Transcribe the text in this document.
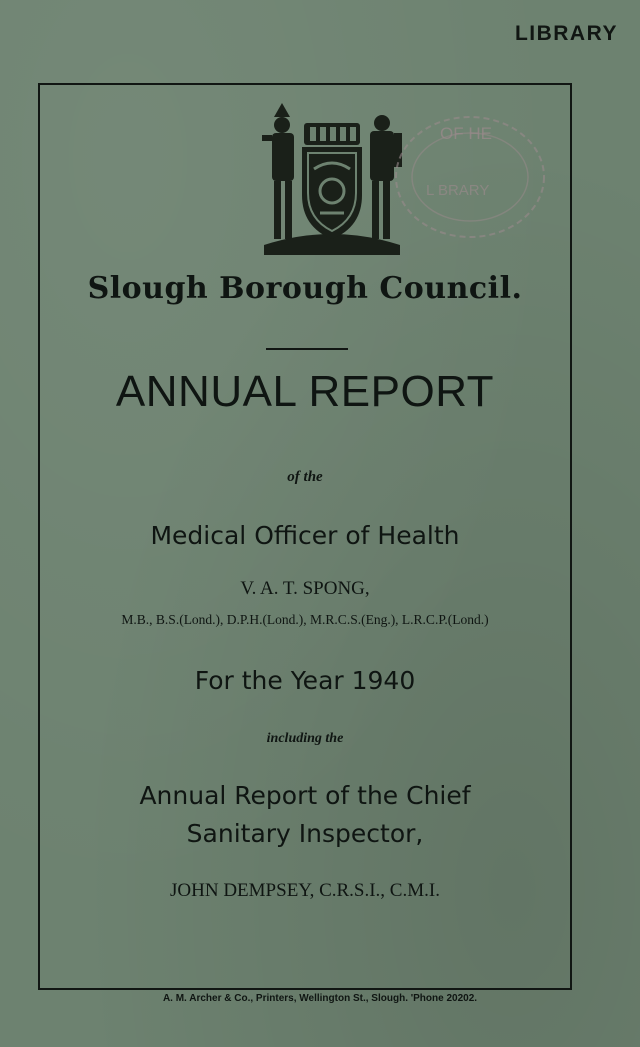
LIBRARY
OF HE
L BRARY
Slough Borough Council.
ANNUAL REPORT
of the
Medical Officer of Health
V. A. T. SPONG,
M.B., B.S.(Lond.), D.P.H.(Lond.), M.R.C.S.(Eng.), L.R.C.P.(Lond.)
For the Year 1940
including the
Annual Report of the Chief
Sanitary Inspector,
JOHN DEMPSEY, C.R.S.I., C.M.I.
A. M. Archer & Co., Printers, Wellington St., Slough. 'Phone 20202.
